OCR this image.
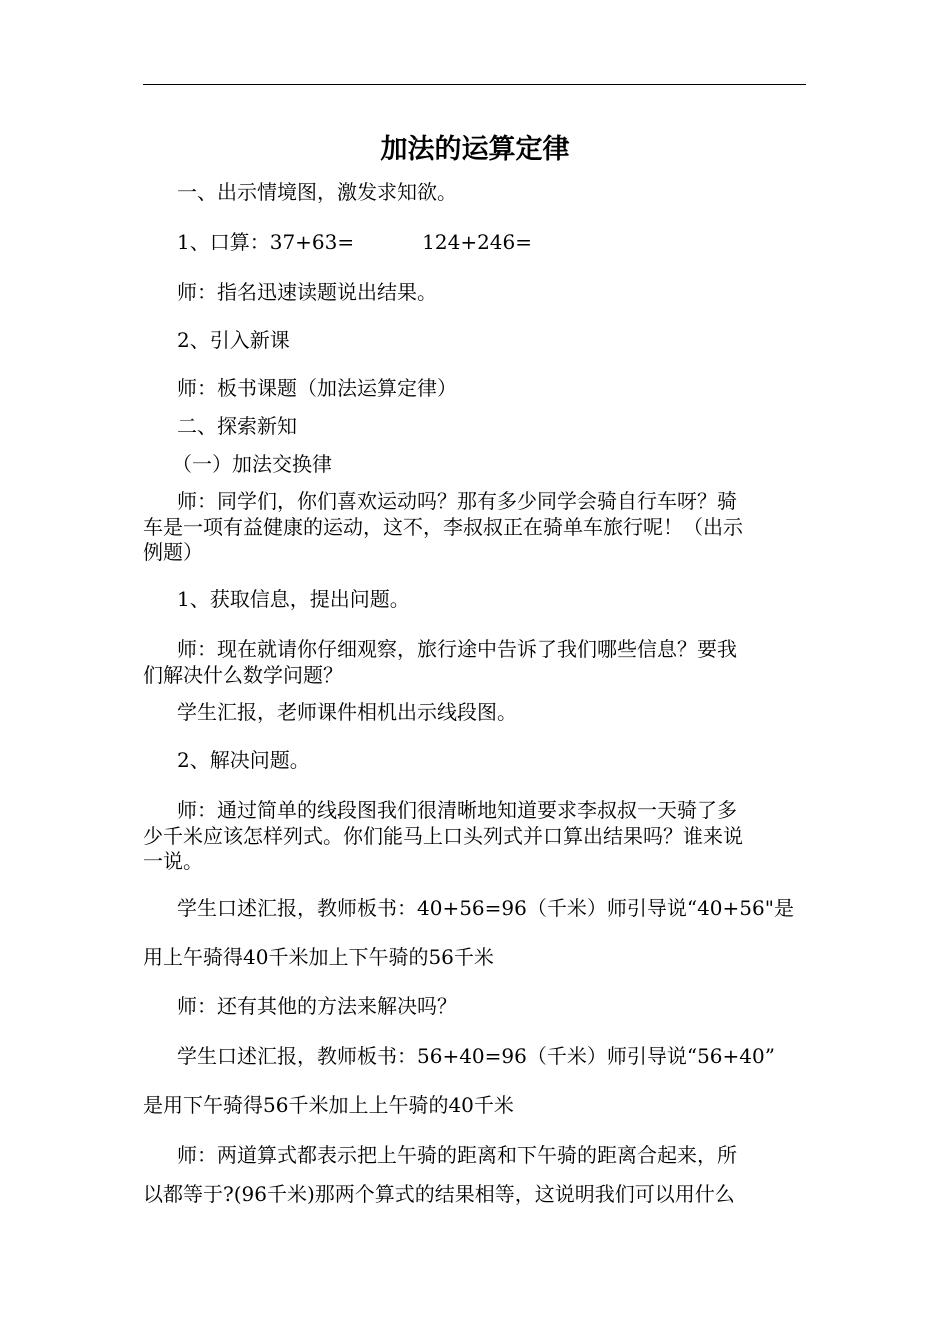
加法的运算定律
一、出示情境图，激发求知欲。
1、口算：37+63=	124+246=
师：指名迅速读题说出结果。
2、引入新课
师：板书课题（加法运算定律）
二、探索新知
（一）加法交换律
师：同学们，你们喜欢运动吗？那有多少同学会骑自行车呀？骑
车是一项有益健康的运动，这不，李叔叔正在骑单车旅行呢！（出示
例题）
1、获取信息，提出问题。
师：现在就请你仔细观察，旅行途中告诉了我们哪些信息？要我
们解决什么数学问题？
学生汇报，老师课件相机出示线段图。
2、解决问题。
师：通过简单的线段图我们很清晰地知道要求李叔叔一天骑了多
少千米应该怎样列式。你们能马上口头列式并口算出结果吗？谁来说
一说。
学生口述汇报，教师板书：40+56=96（千米）师引导说“40+56"是
用上午骑得40千米加上下午骑的56千米
师：还有其他的方法来解决吗？
学生口述汇报，教师板书：56+40=96（千米）师引导说“56+40”
是用下午骑得56千米加上上午骑的40千米
师：两道算式都表示把上午骑的距离和下午骑的距离合起来，所
以都等于?(96千米)那两个算式的结果相等，这说明我们可以用什么
